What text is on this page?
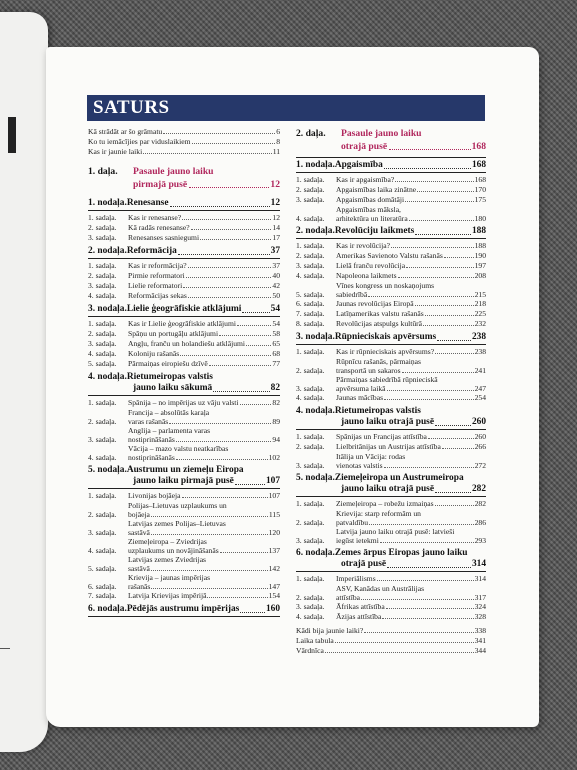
SATURS
Kā strādāt ar šo grāmatu	6
Ko tu iemācījies par viduslaikiem	8
Kas ir jaunie laiki	11
1. daļa. Pasaule jauno laiku
pirmajā pusē	12
1. nodaļa. Renesanse	12
1. sadaļa.	Kas ir renesanse?	12
2. sadaļa.	Kā radās renesanse?	14
3. sadaļa.	Renesanses sasniegumi	17
2. nodaļa. Reformācija	37
1. sadaļa.	Kas ir reformācija?	37
2. sadaļa.	Pirmie reformatori	40
3. sadaļa.	Lielie reformatori	42
4. sadaļa.	Reformācijas sekas	50
3. nodaļa. Lielie ģeogrāfiskie atklājumi	54
1. sadaļa.	Kas ir Lielie ģeogrāfiskie atklājumi	54
2. sadaļa.	Spāņu un portugāļu atklājumi	58
3. sadaļa.	Angļu, franču un holandiešu atklājumi	65
4. sadaļa.	Koloniju rašanās	68
5. sadaļa.	Pārmaiņas eiropiešu dzīvē	77
4. nodaļa. Rietumeiropas valstis
jauno laiku sākumā	82
1. sadaļa.	Spānija – no impērijas uz vāju valsti	82
Francija – absolūtās karaļa
2. sadaļa.	varas rašanās	89
Anglija – parlamenta varas
3. sadaļa.	nostiprināšanās	94
Vācija – mazo valstu neatkarības
4. sadaļa.	nostiprināšanās	102
5. nodaļa. Austrumu un ziemeļu Eiropa
jauno laiku pirmajā pusē	107
1. sadaļa.	Livonijas bojāeja	107
Polijas–Lietuvas uzplaukums un
2. sadaļa.	bojāeja	115
Latvijas zemes Polijas–Lietuvas
3. sadaļa.	sastāvā	120
Ziemeļeiropa – Zviedrijas
4. sadaļa.	uzplaukums un novājināšanās	137
Latvijas zemes Zviedrijas
5. sadaļa.	sastāvā	142
Krievija – jaunas impērijas
6. sadaļa.	rašanās	147
7. sadaļa.	Latvija Krievijas impērijā	154
6. nodaļa. Pēdējās austrumu impērijas	160
2. daļa. Pasaule jauno laiku
otrajā pusē	168
1. nodaļa. Apgaismība	168
1. sadaļa.	Kas ir apgaismība?	168
2. sadaļa.	Apgaismības laika zinātne	170
3. sadaļa.	Apgaismības domātāji	175
Apgaismības māksla,
4. sadaļa.	arhitektūra un literatūra	180
2. nodaļa. Revolūciju laikmets	188
1. sadaļa.	Kas ir revolūcija?	188
2. sadaļa.	Amerikas Savienoto Valstu rašanās	190
3. sadaļa.	Lielā franču revolūcija	197
4. sadaļa.	Napoleona laikmets	208
Vīnes kongress un noskaņojums
5. sadaļa.	sabiedrībā	215
6. sadaļa.	Jaunas revolūcijas Eiropā	218
7. sadaļa.	Latīņamerikas valstu rašanās	225
8. sadaļa.	Revolūcijas atspulgs kultūrā	232
3. nodaļa. Rūpnieciskais apvērsums	238
1. sadaļa.	Kas ir rūpnieciskais apvērsums?	238
Rūpnīcu rašanās, pārmaiņas
2. sadaļa.	transportā un sakaros	241
Pārmaiņas sabiedrībā rūpnieciskā
3. sadaļa.	apvērsuma laikā	247
4. sadaļa.	Jaunas mācības	254
4. nodaļa. Rietumeiropas valstis
jauno laiku otrajā pusē	260
1. sadaļa.	Spānijas un Francijas attīstība	260
2. sadaļa.	Lielbritānijas un Austrijas attīstība	266
Itālija un Vācija: rodas
3. sadaļa.	vienotas valstis	272
5. nodaļa. Ziemeļeiropa un Austrumeiropa
jauno laiku otrajā pusē	282
1. sadaļa.	Ziemeļeiropa – robežu izmaiņas	282
Krievija: starp reformām un
2. sadaļa.	patvaldību	286
Latvija jauno laiku otrajā pusē: latvieši
3. sadaļa.	iegūst ietekmi	293
6. nodaļa. Zemes ārpus Eiropas jauno laiku
otrajā pusē	314
1. sadaļa.	Imperiālisms	314
ASV, Kanādas un Austrālijas
2. sadaļa.	attīstība	317
3. sadaļa.	Āfrikas attīstība	324
4. sadaļa.	Āzijas attīstība	328
Kādi bija jaunie laiki?	338
Laika tabula	341
Vārdnīca	344
